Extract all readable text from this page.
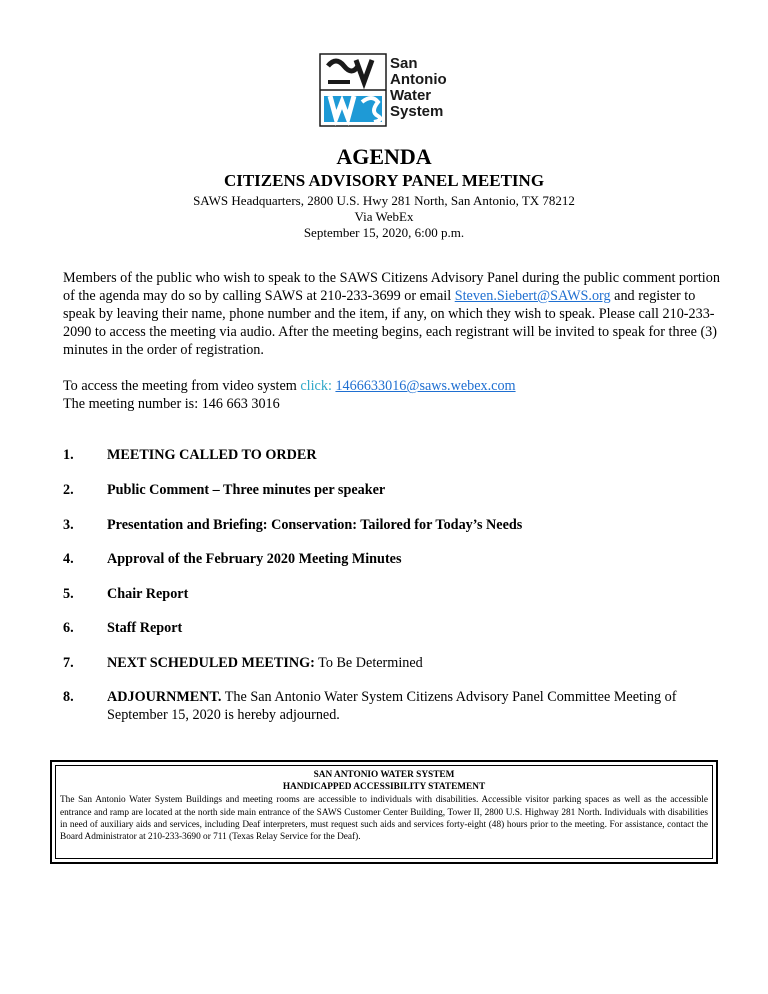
San
Antonio
Water
System
AGENDA
CITIZENS ADVISORY PANEL MEETING
SAWS Headquarters, 2800 U.S. Hwy 281 North, San Antonio, TX 78212
Via WebEx
September 15, 2020, 6:00 p.m.

Members of the public who wish to speak to the SAWS Citizens Advisory Panel during the public comment portion of the agenda may do so by calling SAWS at 210-233-3699 or email Steven.Siebert@SAWS.org and register to speak by leaving their name, phone number and the item, if any, on which they wish to speak. Please call 210-233-2090 to access the meeting via audio. After the meeting begins, each registrant will be invited to speak for three (3) minutes in the order of registration.

To access the meeting from video system click: 1466633016@saws.webex.com
The meeting number is: 146 663 3016
1. MEETING CALLED TO ORDER
2. Public Comment – Three minutes per speaker
3. Presentation and Briefing: Conservation: Tailored for Today’s Needs
4. Approval of the February 2020 Meeting Minutes
5. Chair Report
6. Staff Report
7. NEXT SCHEDULED MEETING: To Be Determined
8. ADJOURNMENT. The San Antonio Water System Citizens Advisory Panel Committee Meeting of September 15, 2020 is hereby adjourned.
SAN ANTONIO WATER SYSTEM
HANDICAPPED ACCESSIBILITY STATEMENT
The San Antonio Water System Buildings and meeting rooms are accessible to individuals with disabilities. Accessible visitor parking spaces as well as the accessible entrance and ramp are located at the north side main entrance of the SAWS Customer Center Building, Tower II, 2800 U.S. Highway 281 North. Individuals with disabilities in need of auxiliary aids and services, including Deaf interpreters, must request such aids and services forty-eight (48) hours prior to the meeting. For assistance, contact the Board Administrator at 210-233-3690 or 711 (Texas Relay Service for the Deaf).
